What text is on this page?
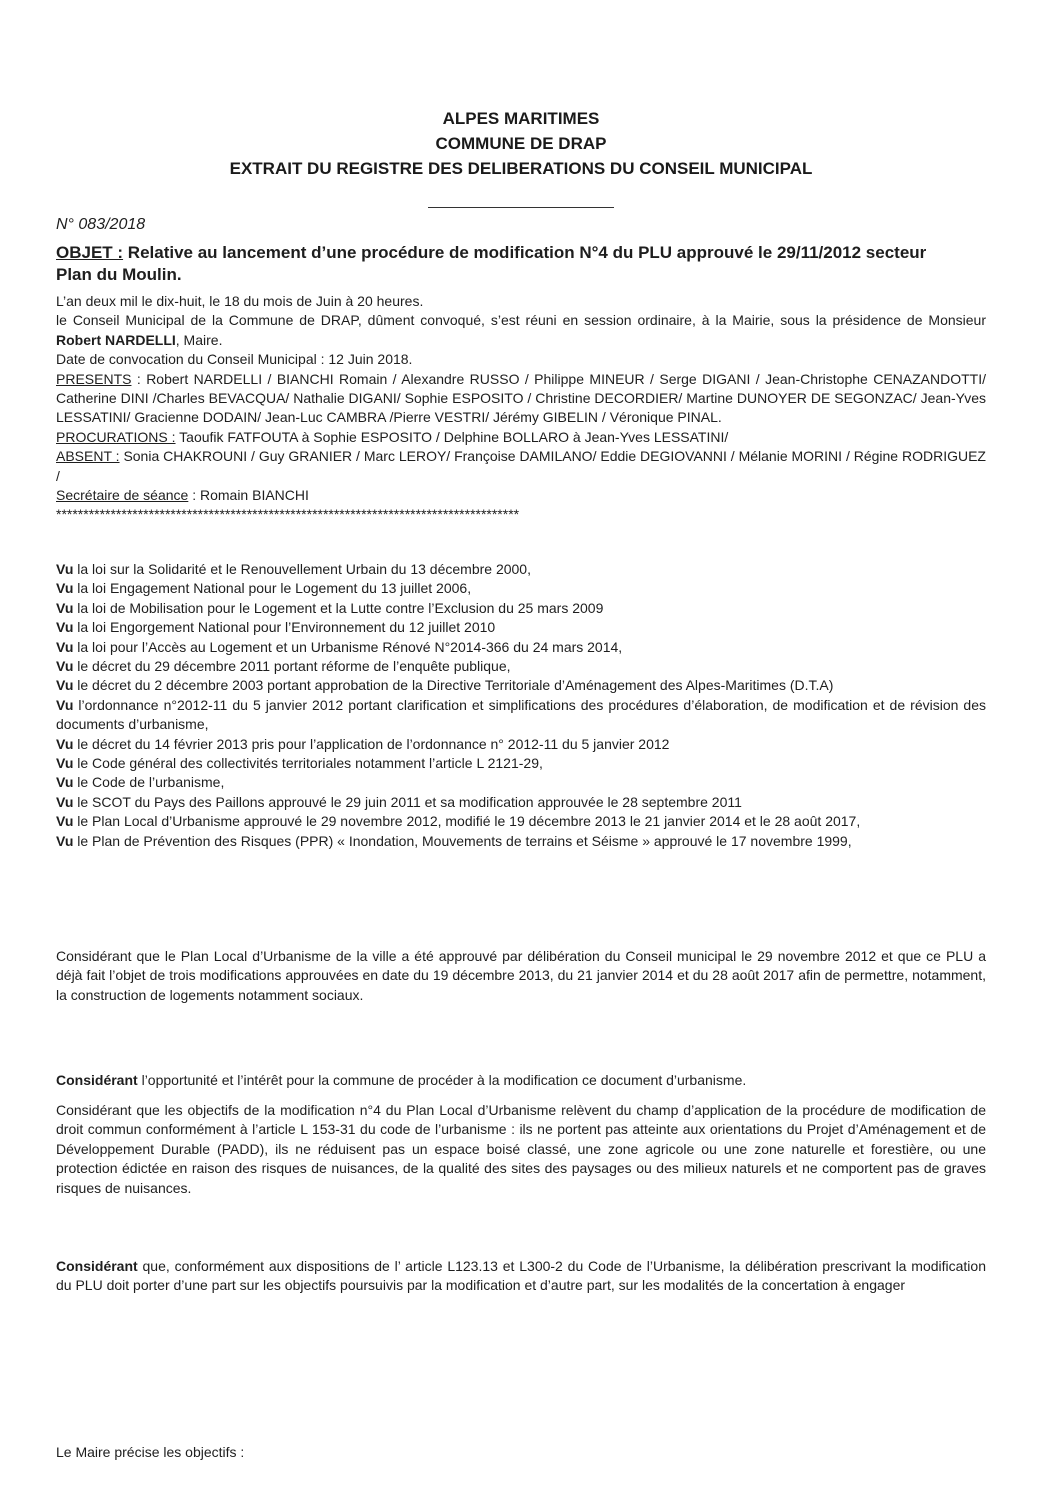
ALPES MARITIMES
COMMUNE DE DRAP
EXTRAIT DU REGISTRE DES DELIBERATIONS DU CONSEIL MUNICIPAL
N° 083/2018
OBJET : Relative au lancement d’une procédure de modification N°4 du PLU approuvé le 29/11/2012 secteur Plan du Moulin.

L’an deux mil le dix-huit, le 18 du mois de Juin à 20 heures.

le Conseil Municipal de la Commune de DRAP, dûment convoqué, s’est réuni en session ordinaire, à la Mairie, sous la présidence de Monsieur Robert NARDELLI, Maire.

Date de convocation du Conseil Municipal : 12 Juin 2018.

PRESENTS : Robert NARDELLI / BIANCHI Romain / Alexandre RUSSO / Philippe MINEUR / Serge DIGANI / Jean-Christophe CENAZANDOTTI/ Catherine DINI /Charles BEVACQUA/ Nathalie DIGANI/ Sophie ESPOSITO / Christine DECORDIER/ Martine DUNOYER DE SEGONZAC/ Jean-Yves LESSATINI/ Gracienne DODAIN/ Jean-Luc CAMBRA /Pierre VESTRI/ Jérémy GIBELIN / Véronique PINAL.

PROCURATIONS : Taoufik FATFOUTA à Sophie ESPOSITO / Delphine BOLLARO à Jean-Yves LESSATINI/

ABSENT : Sonia CHAKROUNI / Guy GRANIER / Marc LEROY/ Françoise DAMILANO/ Eddie DEGIOVANNI / Mélanie MORINI / Régine RODRIGUEZ /

Secrétaire de séance : Romain BIANCHI

*************************************************************************************

Vu la loi sur la Solidarité et le Renouvellement Urbain du 13 décembre 2000,

Vu la loi Engagement National pour le Logement du 13 juillet 2006,

Vu la loi de Mobilisation pour le Logement et la Lutte contre l’Exclusion du 25 mars 2009

Vu la loi Engorgement National pour l’Environnement du 12 juillet 2010

Vu la loi pour l’Accès au Logement et un Urbanisme Rénové N°2014-366 du 24 mars 2014,

Vu le décret du 29 décembre 2011 portant réforme de l’enquête publique,

Vu le décret du 2 décembre 2003 portant approbation de la Directive Territoriale d’Aménagement des Alpes-Maritimes (D.T.A)

Vu l’ordonnance n°2012-11 du 5 janvier 2012 portant clarification et simplifications des procédures d’élaboration, de modification et de révision des documents d’urbanisme,

Vu le décret du 14 février 2013 pris pour l’application de l’ordonnance n° 2012-11 du 5 janvier 2012

Vu le Code général des collectivités territoriales notamment l’article L 2121-29,

Vu le Code de l’urbanisme,

Vu le SCOT du Pays des Paillons approuvé le 29 juin 2011 et sa modification approuvée le 28 septembre 2011

Vu le Plan Local d’Urbanisme approuvé le 29 novembre 2012, modifié le 19 décembre 2013 le 21 janvier 2014 et le 28 août 2017,

Vu le Plan de Prévention des Risques (PPR) « Inondation, Mouvements de terrains et Séisme » approuvé le 17 novembre 1999,

Considérant que le Plan Local d’Urbanisme de la ville a été approuvé par délibération du Conseil municipal le 29 novembre 2012 et que ce PLU a déjà fait l’objet de trois modifications approuvées en date du 19 décembre 2013, du 21 janvier 2014 et du 28 août 2017 afin de permettre, notamment, la construction de logements notamment sociaux.

Considérant l’opportunité et l’intérêt pour la commune de procéder à la modification ce document d’urbanisme.

Considérant que les objectifs de la modification n°4 du Plan Local d’Urbanisme relèvent du champ d’application de la procédure de modification de droit commun conformément à l’article L 153-31 du code de l’urbanisme : ils ne portent pas atteinte aux orientations du Projet d’Aménagement et de Développement Durable (PADD), ils ne réduisent pas un espace boisé classé, une zone agricole ou une zone naturelle et forestière, ou une protection édictée en raison des risques de nuisances, de la qualité des sites des paysages ou des milieux naturels et ne comportent pas de graves risques de nuisances.

Considérant que, conformément aux dispositions de l’ article L123.13 et L300-2 du Code de l’Urbanisme, la délibération prescrivant la modification du PLU doit porter d’une part sur les objectifs poursuivis par la modification et d’autre part, sur les modalités de la concertation à engager

Le Maire précise les objectifs :
